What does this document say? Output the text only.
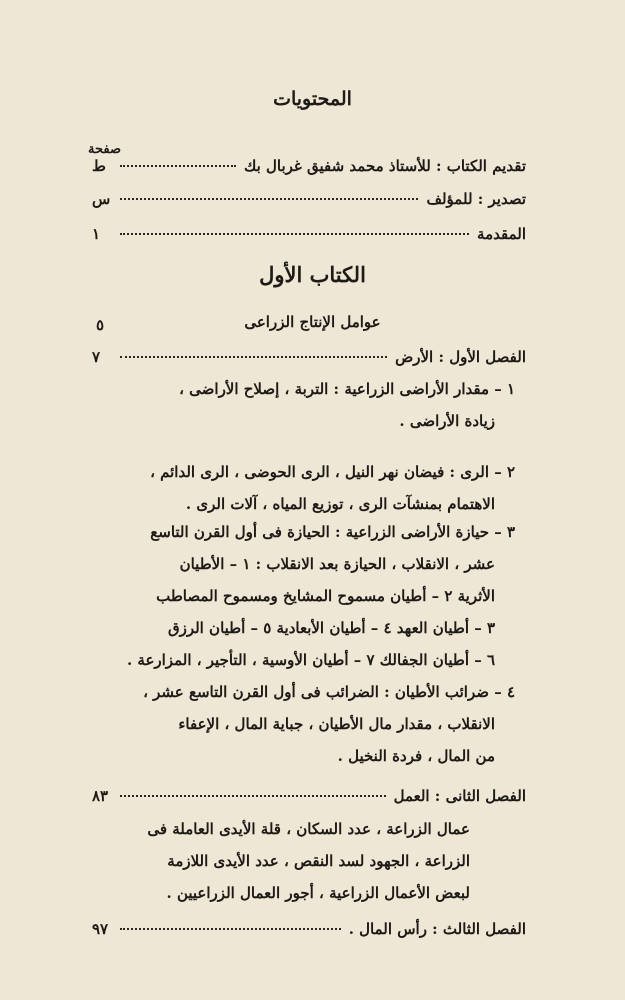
المحتويات
صفحة
تقديم الكتاب : للأستاذ محمد شفيق غربال بك
ط
تصدير : للمؤلف
س
المقدمة
١
الكتاب الأول
عوامل الإنتاج الزراعى
٥
الفصل الأول : الأرض
٧
١ – مقدار الأراضى الزراعية : التربة ، إصلاح الأراضى ،
زيادة الأراضى .
٢ – الرى : فيضان نهر النيل ، الرى الحوضى ، الرى الدائم ،
الاهتمام بمنشآت الرى ، توزيع المياه ، آلات الرى .
٣ – حيازة الأراضى الزراعية : الحيازة فى أول القرن التاسع
عشر ، الانقلاب ، الحيازة بعد الانقلاب : ١ – الأطيان
الأثرية ٢ – أطيان مسموح المشايخ ومسموح المصاطب
٣ – أطيان العهد ٤ – أطيان الأبعادية ٥ – أطيان الرزق
٦ – أطيان الجفالك ٧ – أطيان الأوسية ، التأجير ، المزارعة .
٤ – ضرائب الأطيان : الضرائب فى أول القرن التاسع عشر ،
الانقلاب ، مقدار مال الأطيان ، جباية المال ، الإعفاء
من المال ، فردة النخيل .
الفصل الثانى : العمل
٨٣
عمال الزراعة ، عدد السكان ، قلة الأيدى العاملة فى
الزراعة ، الجهود لسد النقص ، عدد الأيدى اللازمة
لبعض الأعمال الزراعية ، أجور العمال الزراعيين .
الفصل الثالث : رأس المال .
٩٧
